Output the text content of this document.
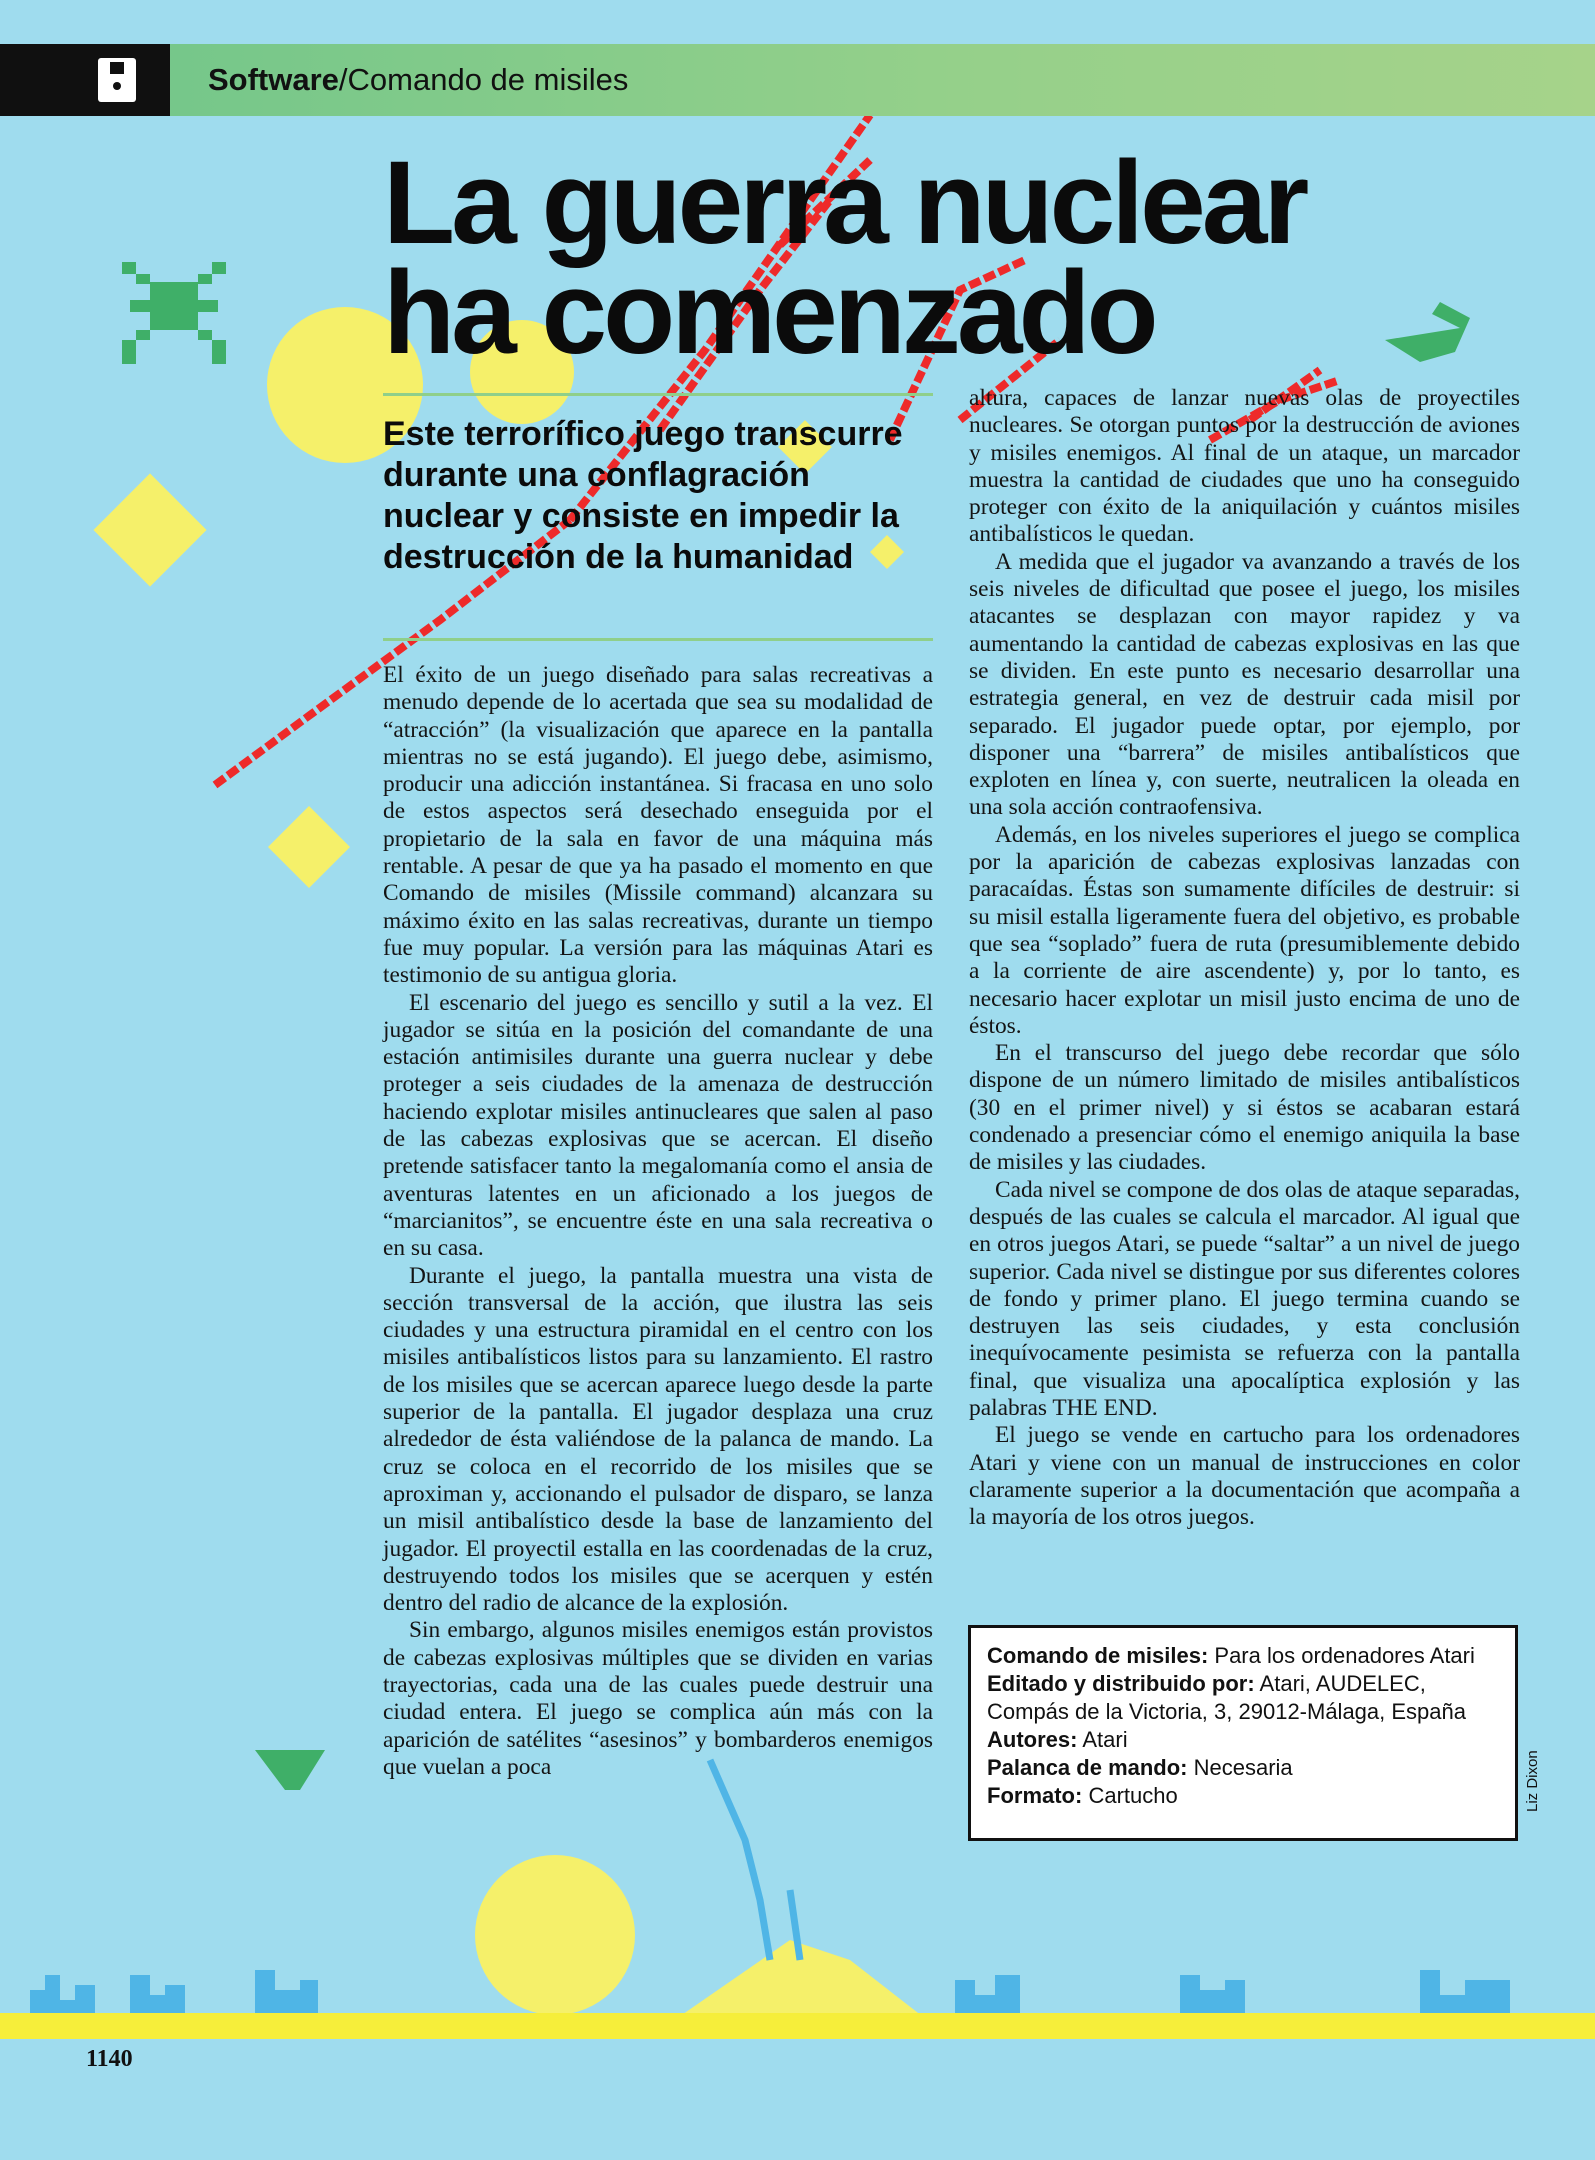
Software/Comando de misiles
La guerra nuclear
ha comenzado

Este terrorífico juego transcurre durante una conflagración nuclear y consiste en impedir la destrucción de la humanidad

El éxito de un juego diseñado para salas recreativas a menudo depende de lo acertada que sea su modalidad de “atracción” (la visualización que aparece en la pantalla mientras no se está jugando). El juego debe, asimismo, producir una adicción instantánea. Si fracasa en uno solo de estos aspectos será desechado enseguida por el propietario de la sala en favor de una máquina más rentable. A pesar de que ya ha pasado el momento en que Comando de misiles (Missile command) alcanzara su máximo éxito en las salas recreativas, durante un tiempo fue muy popular. La versión para las máquinas Atari es testimonio de su antigua gloria.

El escenario del juego es sencillo y sutil a la vez. El jugador se sitúa en la posición del comandante de una estación antimisiles durante una guerra nuclear y debe proteger a seis ciudades de la amenaza de destrucción haciendo explotar misiles antinucleares que salen al paso de las cabezas explosivas que se acercan. El diseño pretende satisfacer tanto la megalomanía como el ansia de aventuras latentes en un aficionado a los juegos de “marcianitos”, se encuentre éste en una sala recreativa o en su casa.

Durante el juego, la pantalla muestra una vista de sección transversal de la acción, que ilustra las seis ciudades y una estructura piramidal en el centro con los misiles antibalísticos listos para su lanzamiento. El rastro de los misiles que se acercan aparece luego desde la parte superior de la pantalla. El jugador desplaza una cruz alrededor de ésta valiéndose de la palanca de mando. La cruz se coloca en el recorrido de los misiles que se aproximan y, accionando el pulsador de disparo, se lanza un misil antibalístico desde la base de lanzamiento del jugador. El proyectil estalla en las coordenadas de la cruz, destruyendo todos los misiles que se acerquen y estén dentro del radio de alcance de la explosión.

Sin embargo, algunos misiles enemigos están provistos de cabezas explosivas múltiples que se dividen en varias trayectorias, cada una de las cuales puede destruir una ciudad entera. El juego se complica aún más con la aparición de satélites “asesinos” y bombarderos enemigos que vuelan a poca

altura, capaces de lanzar nuevas olas de proyectiles nucleares. Se otorgan puntos por la destrucción de aviones y misiles enemigos. Al final de un ataque, un marcador muestra la cantidad de ciudades que uno ha conseguido proteger con éxito de la aniquilación y cuántos misiles antibalísticos le quedan.

A medida que el jugador va avanzando a través de los seis niveles de dificultad que posee el juego, los misiles atacantes se desplazan con mayor rapidez y va aumentando la cantidad de cabezas explosivas en las que se dividen. En este punto es necesario desarrollar una estrategia general, en vez de destruir cada misil por separado. El jugador puede optar, por ejemplo, por disponer una “barrera” de misiles antibalísticos que exploten en línea y, con suerte, neutralicen la oleada en una sola acción contraofensiva.

Además, en los niveles superiores el juego se complica por la aparición de cabezas explosivas lanzadas con paracaídas. Éstas son sumamente difíciles de destruir: si su misil estalla ligeramente fuera del objetivo, es probable que sea “soplado” fuera de ruta (presumiblemente debido a la corriente de aire ascendente) y, por lo tanto, es necesario hacer explotar un misil justo encima de uno de éstos.

En el transcurso del juego debe recordar que sólo dispone de un número limitado de misiles antibalísticos (30 en el primer nivel) y si éstos se acabaran estará condenado a presenciar cómo el enemigo aniquila la base de misiles y las ciudades.

Cada nivel se compone de dos olas de ataque separadas, después de las cuales se calcula el marcador. Al igual que en otros juegos Atari, se puede “saltar” a un nivel de juego superior. Cada nivel se distingue por sus diferentes colores de fondo y primer plano. El juego termina cuando se destruyen las seis ciudades, y esta conclusión inequívocamente pesimista se refuerza con la pantalla final, que visualiza una apocalíptica explosión y las palabras THE END.

El juego se vende en cartucho para los ordenadores Atari y viene con un manual de instrucciones en color claramente superior a la documentación que acompaña a la mayoría de los otros juegos.

Comando de misiles: Para los ordenadores Atari

Editado y distribuido por: Atari, AUDELEC, Compás de la Victoria, 3, 29012-Málaga, España

Autores: Atari

Palanca de mando: Necesaria

Formato: Cartucho	Liz Dixon
1140
